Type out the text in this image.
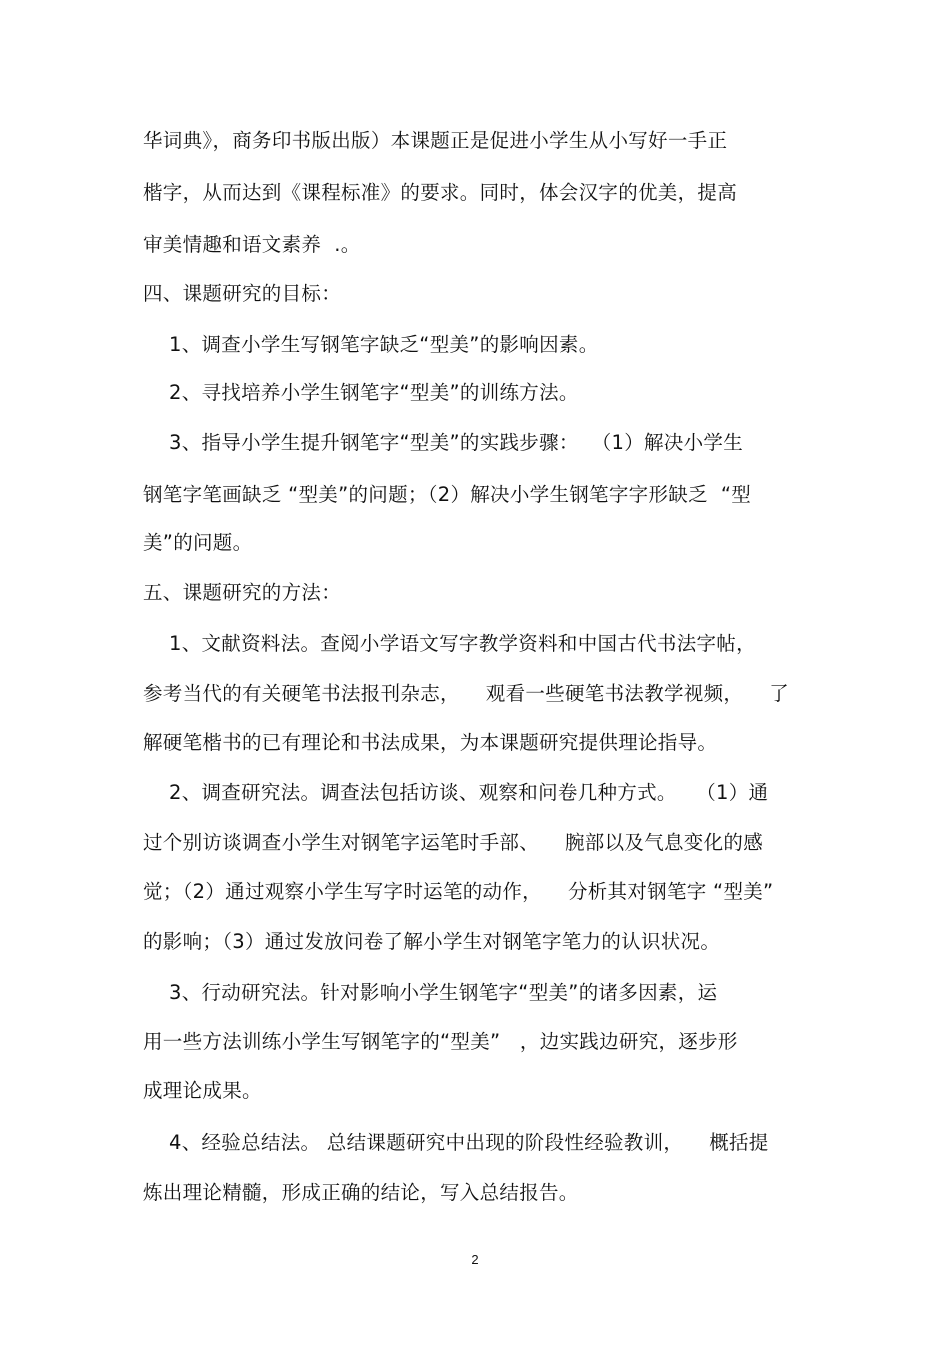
华词典》，商务印书版出版）本课题正是促进小学生从小写好一手正
楷字，从而达到《课程标准》的要求。同时，体会汉字的优美，提高
审美情趣和语文素养  .。
四、课题研究的目标：
1、调查小学生写钢笔字缺乏“型美”的影响因素。
2、寻找培养小学生钢笔字“型美”的训练方法。
3、指导小学生提升钢笔字“型美”的实践步骤：  （1）解决小学生
钢笔字笔画缺乏 “型美”的问题；（2）解决小学生钢笔字字形缺乏  “型
美”的问题。
五、课题研究的方法：
1、文献资料法。查阅小学语文写字教学资料和中国古代书法字帖，
参考当代的有关硬笔书法报刊杂志，    观看一些硬笔书法教学视频，    了
解硬笔楷书的已有理论和书法成果，为本课题研究提供理论指导。
2、调查研究法。调查法包括访谈、观察和问卷几种方式。   （1）通
过个别访谈调查小学生对钢笔字运笔时手部、    腕部以及气息变化的感
觉；（2）通过观察小学生写字时运笔的动作，    分析其对钢笔字 “型美”
的影响；（3）通过发放问卷了解小学生对钢笔字笔力的认识状况。
3、行动研究法。针对影响小学生钢笔字“型美”的诸多因素，运
用一些方法训练小学生写钢笔字的“型美”   ，边实践边研究，逐步形
成理论成果。
4、经验总结法。 总结课题研究中出现的阶段性经验教训，    概括提
炼出理论精髓，形成正确的结论，写入总结报告。
2
